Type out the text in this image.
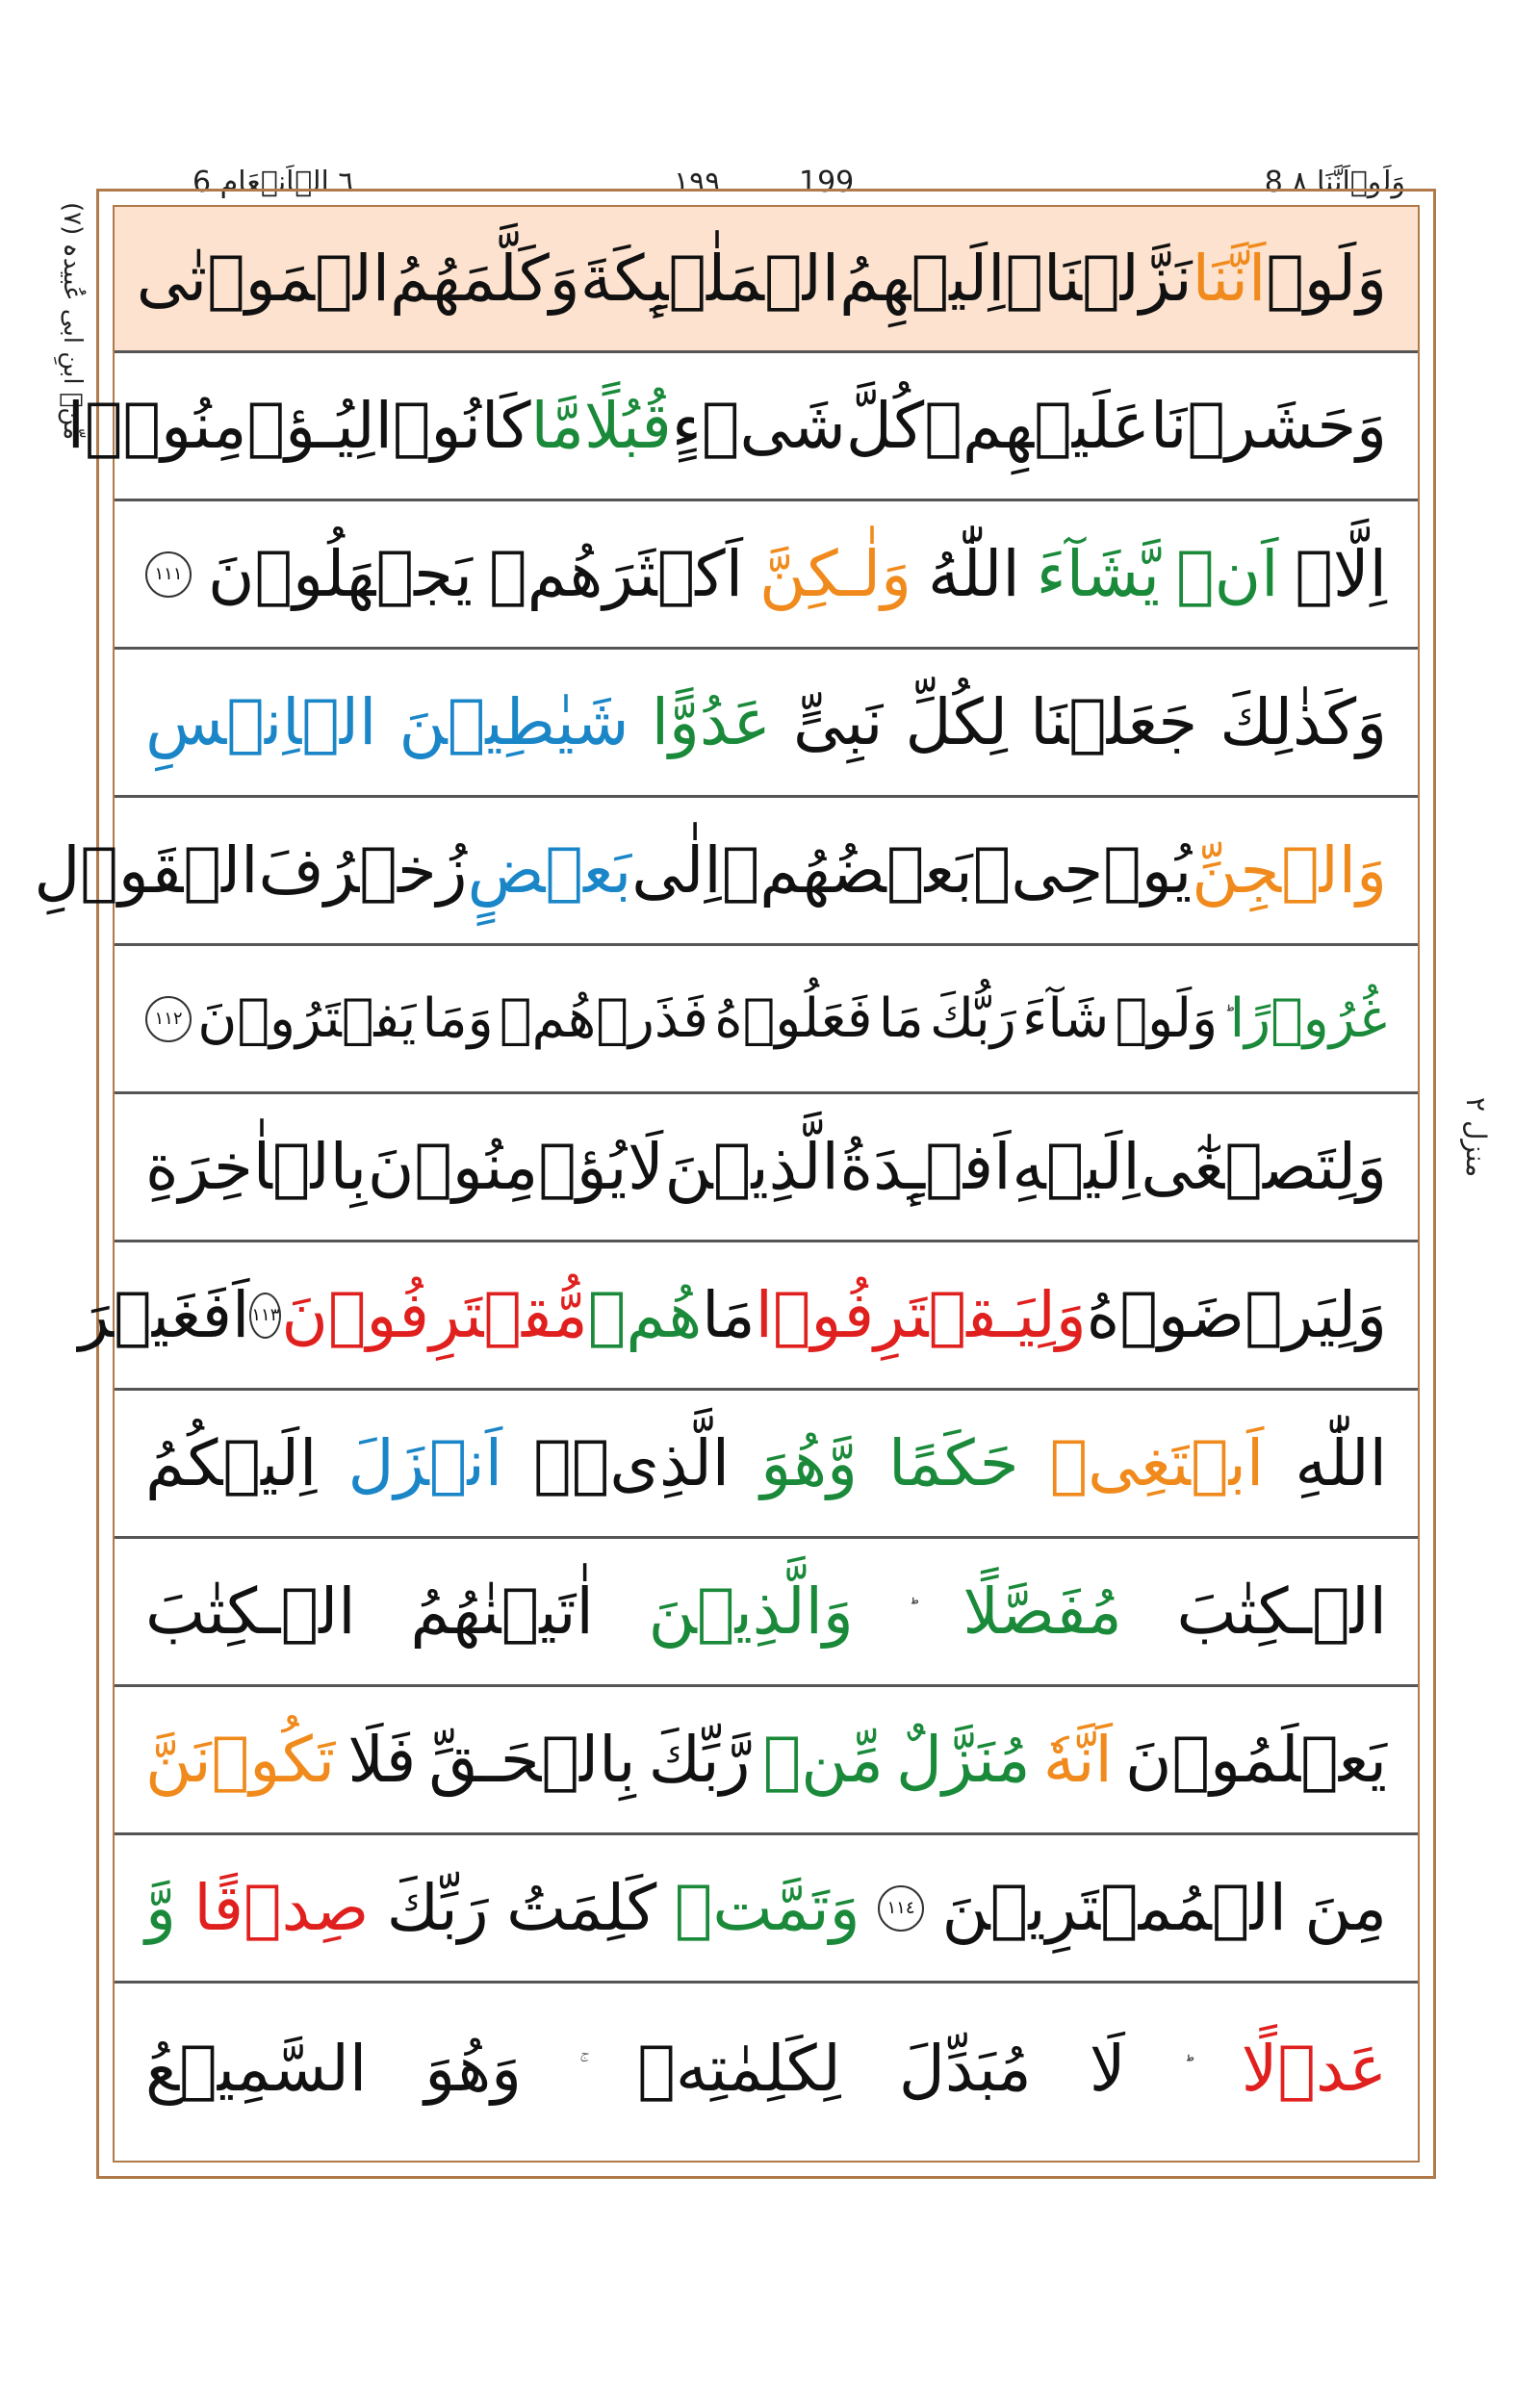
8 وَلَوۡاَنَّنَا ٨
199
١٩٩
٦ الۡاَنۡعَام 6
(٧) مِّنۡ ابنِ ابی عُبیدہ
منزل ٢
وَلَوۡ
اَنَّنَا
نَزَّلۡنَاۤ
اِلَيۡهِمُ
الۡمَلٰۤٮِٕكَةَ
وَكَلَّمَهُمُ
الۡمَوۡتٰى
وَحَشَرۡنَا
عَلَيۡهِمۡ
كُلَّ
شَىۡءٍ
قُبُلًا
مَّا
كَانُوۡا
لِيُـؤۡمِنُوۡۤا
اِلَّاۤ
اَنۡ
يَّشَآءَ
اللّٰهُ
وَلٰـكِنَّ
اَكۡثَرَهُمۡ
يَجۡهَلُوۡنَ
١١١
وَكَذٰلِكَ
جَعَلۡنَا
لِكُلِّ
نَبِىٍّ
عَدُوًّا
شَيٰطِيۡنَ
الۡاِنۡسِ
وَالۡجِنِّ
يُوۡحِىۡ
بَعۡضُهُمۡ
اِلٰى
بَعۡضٍ
زُخۡرُفَ
الۡقَوۡلِ
غُرُوۡرًا
وَلَوۡ
شَآءَ
رَبُّكَ
مَا
فَعَلُوۡهُ
فَذَرۡهُمۡ
وَمَا
يَفۡتَرُوۡنَ
١١٢
وَلِتَصۡغٰٓى
اِلَيۡهِ
اَفۡـِٕدَةُ
الَّذِيۡنَ
لَا
يُؤۡمِنُوۡنَ
بِالۡاٰخِرَةِ
وَلِيَرۡضَوۡهُ
وَلِيَـقۡتَرِفُوۡا
مَا
هُمۡ
مُّقۡتَرِفُوۡنَ
١١٣
اَفَغَيۡرَ
اللّٰهِ
اَبۡتَغِىۡ
حَكَمًا
وَّهُوَ
الَّذِىۡۤ
اَنۡزَلَ
اِلَيۡكُمُ
الۡـكِتٰبَ
مُفَصَّلًا
وَالَّذِيۡنَ
اٰتَيۡنٰهُمُ
الۡـكِتٰبَ
يَعۡلَمُوۡنَ
اَنَّهٗ
مُنَزَّلٌ
مِّنۡ
رَّبِّكَ
بِالۡحَـقِّ
فَلَا
تَكُوۡنَنَّ
مِنَ
الۡمُمۡتَرِيۡنَ
١١٤
وَتَمَّتۡ
كَلِمَتُ
رَبِّكَ
صِدۡقًا
وَّ
عَدۡلًا
لَا
مُبَدِّلَ
لِكَلِمٰتِهٖ
وَهُوَ
السَّمِيۡعُ
